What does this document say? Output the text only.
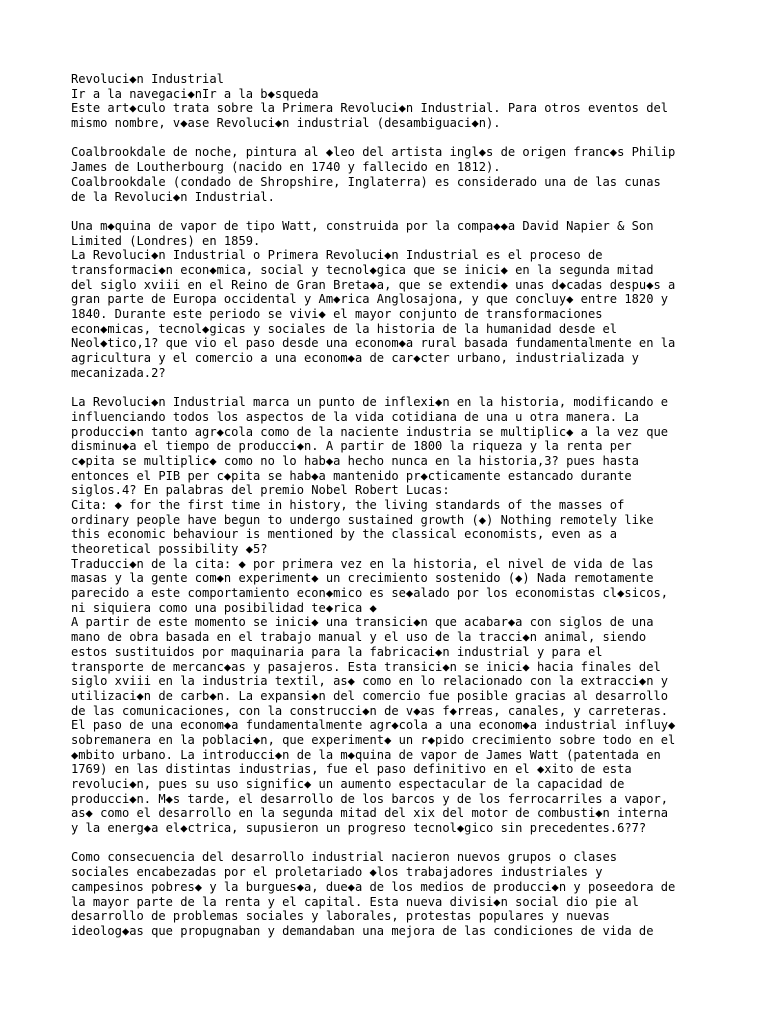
Revoluci◆n Industrial
Ir a la navegaci◆nIr a la b◆squeda
Este art◆culo trata sobre la Primera Revoluci◆n Industrial. Para otros eventos del
mismo nombre, v◆ase Revoluci◆n industrial (desambiguaci◆n).
Coalbrookdale de noche, pintura al ◆leo del artista ingl◆s de origen franc◆s Philip
James de Loutherbourg (nacido en 1740 y fallecido en 1812).
Coalbrookdale (condado de Shropshire, Inglaterra) es considerado una de las cunas
de la Revoluci◆n Industrial.
Una m◆quina de vapor de tipo Watt, construida por la compa◆◆a David Napier & Son
Limited (Londres) en 1859.
La Revoluci◆n Industrial o Primera Revoluci◆n Industrial es el proceso de
transformaci◆n econ◆mica, social y tecnol◆gica que se inici◆ en la segunda mitad
del siglo xviii en el Reino de Gran Breta◆a, que se extendi◆ unas d◆cadas despu◆s a
gran parte de Europa occidental y Am◆rica Anglosajona, y que concluy◆ entre 1820 y
1840. Durante este periodo se vivi◆ el mayor conjunto de transformaciones
econ◆micas, tecnol◆gicas y sociales de la historia de la humanidad desde el
Neol◆tico,1? que vio el paso desde una econom◆a rural basada fundamentalmente en la
agricultura y el comercio a una econom◆a de car◆cter urbano, industrializada y
mecanizada.2?
La Revoluci◆n Industrial marca un punto de inflexi◆n en la historia, modificando e
influenciando todos los aspectos de la vida cotidiana de una u otra manera. La
producci◆n tanto agr◆cola como de la naciente industria se multiplic◆ a la vez que
disminu◆a el tiempo de producci◆n. A partir de 1800 la riqueza y la renta per
c◆pita se multiplic◆ como no lo hab◆a hecho nunca en la historia,3? pues hasta
entonces el PIB per c◆pita se hab◆a mantenido pr◆cticamente estancado durante
siglos.4? En palabras del premio Nobel Robert Lucas:
Cita: ◆ for the first time in history, the living standards of the masses of
ordinary people have begun to undergo sustained growth (◆) Nothing remotely like
this economic behaviour is mentioned by the classical economists, even as a
theoretical possibility ◆5?
Traducci◆n de la cita: ◆ por primera vez en la historia, el nivel de vida de las
masas y la gente com◆n experiment◆ un crecimiento sostenido (◆) Nada remotamente
parecido a este comportamiento econ◆mico es se◆alado por los economistas cl◆sicos,
ni siquiera como una posibilidad te◆rica ◆
A partir de este momento se inici◆ una transici◆n que acabar◆a con siglos de una
mano de obra basada en el trabajo manual y el uso de la tracci◆n animal, siendo
estos sustituidos por maquinaria para la fabricaci◆n industrial y para el
transporte de mercanc◆as y pasajeros. Esta transici◆n se inici◆ hacia finales del
siglo xviii en la industria textil, as◆ como en lo relacionado con la extracci◆n y
utilizaci◆n de carb◆n. La expansi◆n del comercio fue posible gracias al desarrollo
de las comunicaciones, con la construcci◆n de v◆as f◆rreas, canales, y carreteras.
El paso de una econom◆a fundamentalmente agr◆cola a una econom◆a industrial influy◆
sobremanera en la poblaci◆n, que experiment◆ un r◆pido crecimiento sobre todo en el
◆mbito urbano. La introducci◆n de la m◆quina de vapor de James Watt (patentada en
1769) en las distintas industrias, fue el paso definitivo en el ◆xito de esta
revoluci◆n, pues su uso signific◆ un aumento espectacular de la capacidad de
producci◆n. M◆s tarde, el desarrollo de los barcos y de los ferrocarriles a vapor,
as◆ como el desarrollo en la segunda mitad del xix del motor de combusti◆n interna
y la energ◆a el◆ctrica, supusieron un progreso tecnol◆gico sin precedentes.6?7?
Como consecuencia del desarrollo industrial nacieron nuevos grupos o clases
sociales encabezadas por el proletariado ◆los trabajadores industriales y
campesinos pobres◆ y la burgues◆a, due◆a de los medios de producci◆n y poseedora de
la mayor parte de la renta y el capital. Esta nueva divisi◆n social dio pie al
desarrollo de problemas sociales y laborales, protestas populares y nuevas
ideolog◆as que propugnaban y demandaban una mejora de las condiciones de vida de
